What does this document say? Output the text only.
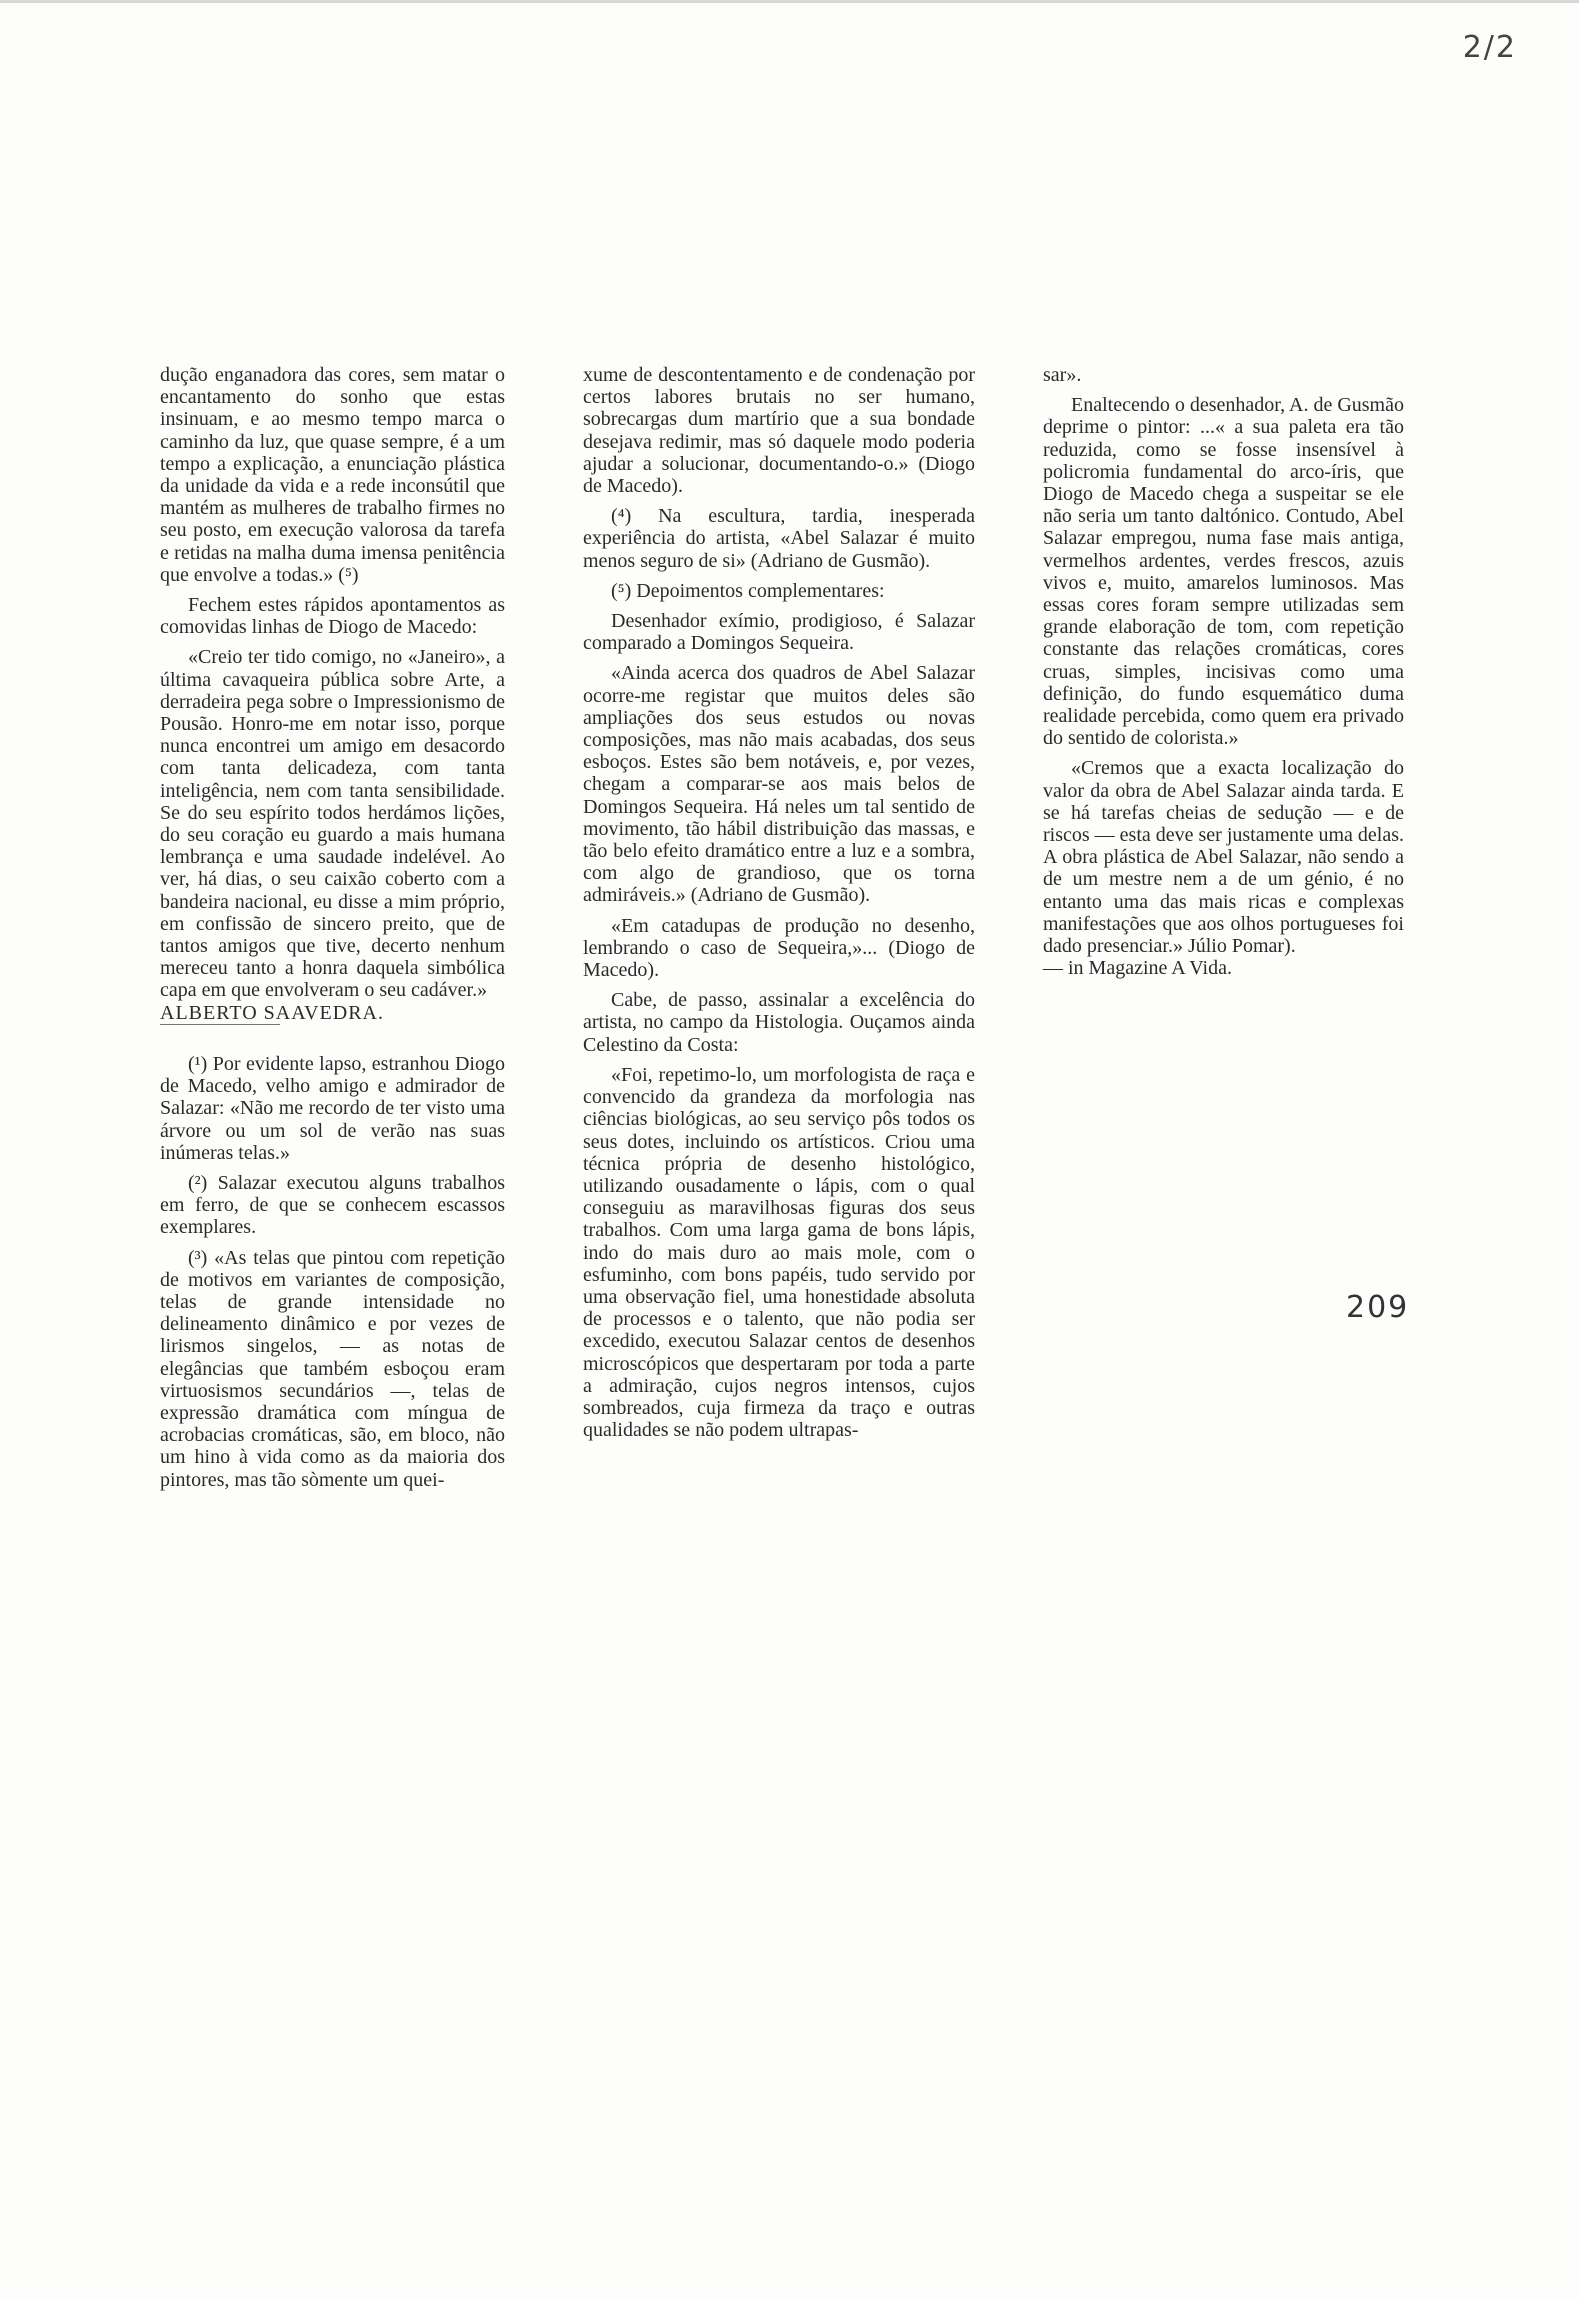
2/2

dução enganadora das cores, sem matar o encantamento do sonho que estas insinuam, e ao mesmo tempo marca o caminho da luz, que quase sempre, é a um tempo a explicação, a enunciação plástica da unidade da vida e a rede inconsútil que mantém as mulheres de trabalho firmes no seu posto, em execução valorosa da tarefa e retidas na malha duma imensa penitência que envolve a todas.» (⁵)

Fechem estes rápidos apontamentos as comovidas linhas de Diogo de Macedo:

«Creio ter tido comigo, no «Janeiro», a última cavaqueira pública sobre Arte, a derradeira pega sobre o Impressionismo de Pousão. Honro-me em notar isso, porque nunca encontrei um amigo em desacordo com tanta delicadeza, com tanta inteligência, nem com tanta sensibilidade. Se do seu espírito todos herdámos lições, do seu coração eu guardo a mais humana lembrança e uma saudade indelével. Ao ver, há dias, o seu caixão coberto com a bandeira nacional, eu disse a mim próprio, em confissão de sincero preito, que de tantos amigos que tive, decerto nenhum mereceu tanto a honra daquela simbólica capa em que envolveram o seu cadáver.»

ALBERTO SAAVEDRA.

(¹) Por evidente lapso, estranhou Diogo de Macedo, velho amigo e admirador de Salazar: «Não me recordo de ter visto uma árvore ou um sol de verão nas suas inúmeras telas.»

(²) Salazar executou alguns trabalhos em ferro, de que se conhecem escassos exemplares.

(³) «As telas que pintou com repetição de motivos em variantes de composição, telas de grande intensidade no delineamento dinâmico e por vezes de lirismos singelos, — as notas de elegâncias que também esboçou eram virtuosismos secundários —, telas de expressão dramática com míngua de acrobacias cromáticas, são, em bloco, não um hino à vida como as da maioria dos pintores, mas tão sòmente um quei-

xume de descontentamento e de condenação por certos labores brutais no ser humano, sobrecargas dum martírio que a sua bondade desejava redimir, mas só daquele modo poderia ajudar a solucionar, documentando-o.» (Diogo de Macedo).

(⁴) Na escultura, tardia, inesperada experiência do artista, «Abel Salazar é muito menos seguro de si» (Adriano de Gusmão).

(⁵) Depoimentos complementares:

Desenhador exímio, prodigioso, é Salazar comparado a Domingos Sequeira.

«Ainda acerca dos quadros de Abel Salazar ocorre-me registar que muitos deles são ampliações dos seus estudos ou novas composições, mas não mais acabadas, dos seus esboços. Estes são bem notáveis, e, por vezes, chegam a comparar-se aos mais belos de Domingos Sequeira. Há neles um tal sentido de movimento, tão hábil distribuição das massas, e tão belo efeito dramático entre a luz e a sombra, com algo de grandioso, que os torna admiráveis.» (Adriano de Gusmão).

«Em catadupas de produção no desenho, lembrando o caso de Sequeira,»... (Diogo de Macedo).

Cabe, de passo, assinalar a excelência do artista, no campo da Histologia. Ouçamos ainda Celestino da Costa:

«Foi, repetimo-lo, um morfologista de raça e convencido da grandeza da morfologia nas ciências biológicas, ao seu serviço pôs todos os seus dotes, incluindo os artísticos. Criou uma técnica própria de desenho histológico, utilizando ousadamente o lápis, com o qual conseguiu as maravilhosas figuras dos seus trabalhos. Com uma larga gama de bons lápis, indo do mais duro ao mais mole, com o esfuminho, com bons papéis, tudo servido por uma observação fiel, uma honestidade absoluta de processos e o talento, que não podia ser excedido, executou Salazar centos de desenhos microscópicos que despertaram por toda a parte a admiração, cujos negros intensos, cujos sombreados, cuja firmeza da traço e outras qualidades se não podem ultrapas-

sar».

Enaltecendo o desenhador, A. de Gusmão deprime o pintor: ...« a sua paleta era tão reduzida, como se fosse insensível à policromia fundamental do arco-íris, que Diogo de Macedo chega a suspeitar se ele não seria um tanto daltónico. Contudo, Abel Salazar empregou, numa fase mais antiga, vermelhos ardentes, verdes frescos, azuis vivos e, muito, amarelos luminosos. Mas essas cores foram sempre utilizadas sem grande elaboração de tom, com repetição constante das relações cromáticas, cores cruas, simples, incisivas como uma definição, do fundo esquemático duma realidade percebida, como quem era privado do sentido de colorista.»

«Cremos que a exacta localização do valor da obra de Abel Salazar ainda tarda. E se há tarefas cheias de sedução — e de riscos — esta deve ser justamente uma delas. A obra plástica de Abel Salazar, não sendo a de um mestre nem a de um génio, é no entanto uma das mais ricas e complexas manifestações que aos olhos portugueses foi dado presenciar.» Júlio Pomar).

— in Magazine A Vida.

209
